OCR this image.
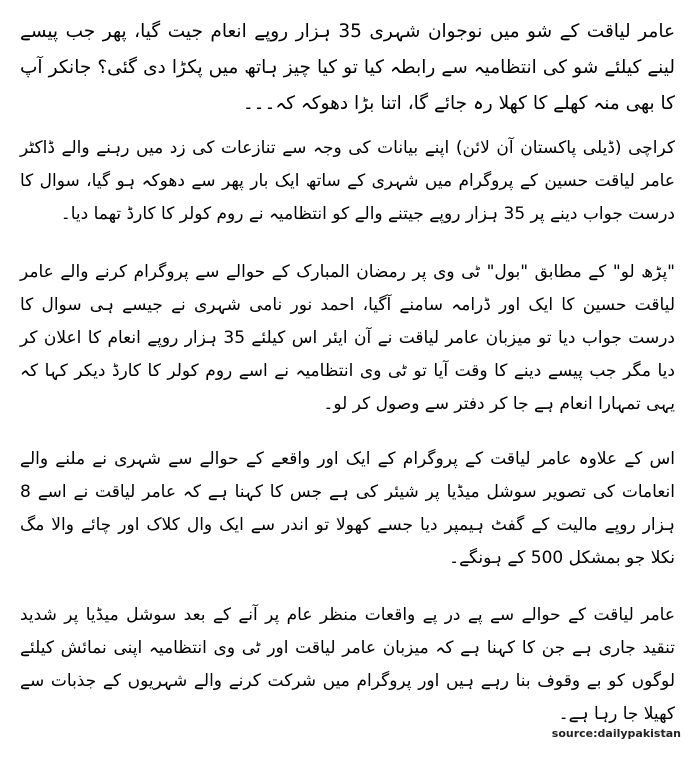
عامر لیاقت کے شو میں نوجوان شہری 35 ہزار روپے انعام جیت گیا، پھر جب پیسے لینے کیلئے شو کی انتظامیہ سے رابطہ کیا تو کیا چیز ہاتھ میں پکڑا دی گئی؟ جانکر آپ کا بھی منہ کھلے کا کھلا رہ جائے گا، اتنا بڑا دھوکہ کہ۔۔۔

کراچی (ڈیلی پاکستان آن لائن) اپنے بیانات کی وجہ سے تنازعات کی زد میں رہنے والے ڈاکٹر عامر لیاقت حسین کے پروگرام میں شہری کے ساتھ ایک بار پھر سے دھوکہ ہو گیا، سوال کا درست جواب دینے پر 35 ہزار روپے جیتنے والے کو انتظامیہ نے روم کولر کا کارڈ تھما دیا۔

"پڑھ لو" کے مطابق "بول" ٹی وی پر رمضان المبارک کے حوالے سے پروگرام کرنے والے عامر لیاقت حسین کا ایک اور ڈرامہ سامنے آگیا، احمد نور نامی شہری نے جیسے ہی سوال کا درست جواب دیا تو میزبان عامر لیاقت نے آن ایئر اس کیلئے 35 ہزار روپے انعام کا اعلان کر دیا مگر جب پیسے دینے کا وقت آیا تو ٹی وی انتظامیہ نے اسے روم کولر کا کارڈ دیکر کہا کہ یہی تمہارا انعام ہے جا کر دفتر سے وصول کر لو۔

اس کے علاوہ عامر لیاقت کے پروگرام کے ایک اور واقعے کے حوالے سے شہری نے ملنے والے انعامات کی تصویر سوشل میڈیا پر شیئر کی ہے جس کا کہنا ہے کہ عامر لیاقت نے اسے 8 ہزار روپے مالیت کے گفٹ ہیمپر دیا جسے کھولا تو اندر سے ایک وال کلاک اور چائے والا مگ نکلا جو بمشکل 500 کے ہونگے۔

عامر لیاقت کے حوالے سے پے در پے واقعات منظر عام پر آنے کے بعد سوشل میڈیا پر شدید تنقید جاری ہے جن کا کہنا ہے کہ میزبان عامر لیاقت اور ٹی وی انتظامیہ اپنی نمائش کیلئے لوگوں کو بے وقوف بنا رہے ہیں اور پروگرام میں شرکت کرنے والے شہریوں کے جذبات سے کھیلا جا رہا ہے۔

source:dailypakistan
